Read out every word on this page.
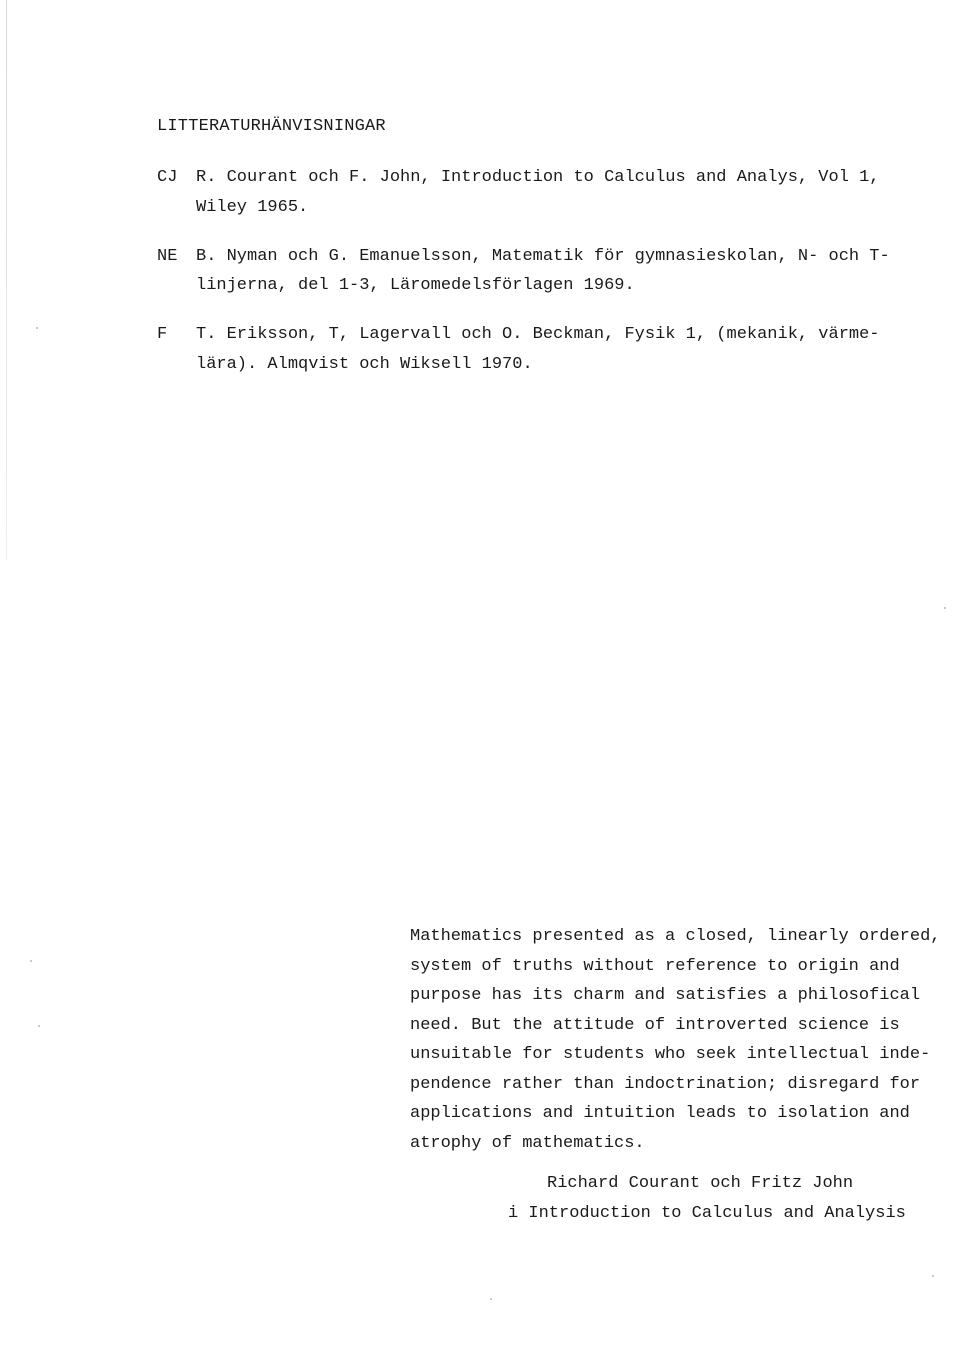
LITTERATURHÄNVISNINGAR
CJ R. Courant och F. John, Introduction to Calculus and Analys, Vol 1,
Wiley 1965.
NE B. Nyman och G. Emanuelsson, Matematik för gymnasieskolan, N- och T-
linjerna, del 1-3, Läromedelsförlagen 1969.
F T. Eriksson, T, Lagervall och O. Beckman, Fysik 1, (mekanik, värme-
lära). Almqvist och Wiksell 1970.
Mathematics presented as a closed, linearly ordered,
system of truths without reference to origin and
purpose has its charm and satisfies a philosofical
need. But the attitude of introverted science is
unsuitable for students who seek intellectual inde-
pendence rather than indoctrination; disregard for
applications and intuition leads to isolation and
atrophy of mathematics.
Richard Courant och Fritz John
i Introduction to Calculus and Analysis
